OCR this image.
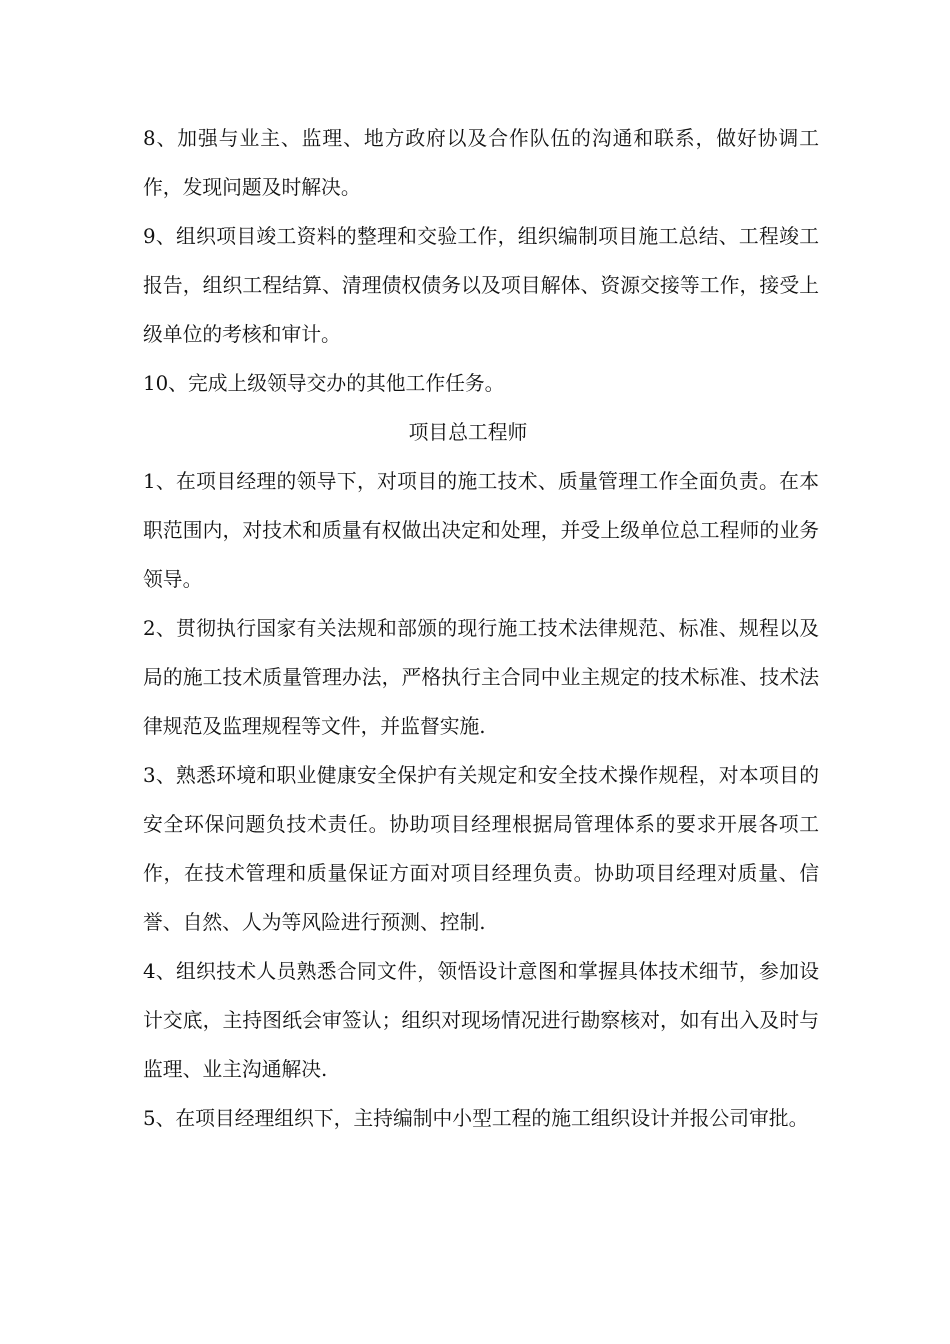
8、加强与业主、监理、地方政府以及合作队伍的沟通和联系，做好协调工作，发现问题及时解决。

9、组织项目竣工资料的整理和交验工作，组织编制项目施工总结、工程竣工报告，组织工程结算、清理债权债务以及项目解体、资源交接等工作，接受上级单位的考核和审计。

10、完成上级领导交办的其他工作任务。

项目总工程师

1、在项目经理的领导下，对项目的施工技术、质量管理工作全面负责。在本职范围内，对技术和质量有权做出决定和处理，并受上级单位总工程师的业务领导。

2、贯彻执行国家有关法规和部颁的现行施工技术法律规范、标准、规程以及局的施工技术质量管理办法，严格执行主合同中业主规定的技术标准、技术法律规范及监理规程等文件，并监督实施.

3、熟悉环境和职业健康安全保护有关规定和安全技术操作规程，对本项目的安全环保问题负技术责任。协助项目经理根据局管理体系的要求开展各项工作，在技术管理和质量保证方面对项目经理负责。协助项目经理对质量、信誉、自然、人为等风险进行预测、控制.

4、组织技术人员熟悉合同文件，领悟设计意图和掌握具体技术细节，参加设计交底，主持图纸会审签认；组织对现场情况进行勘察核对，如有出入及时与监理、业主沟通解决.

5、在项目经理组织下，主持编制中小型工程的施工组织设计并报公司审批。
